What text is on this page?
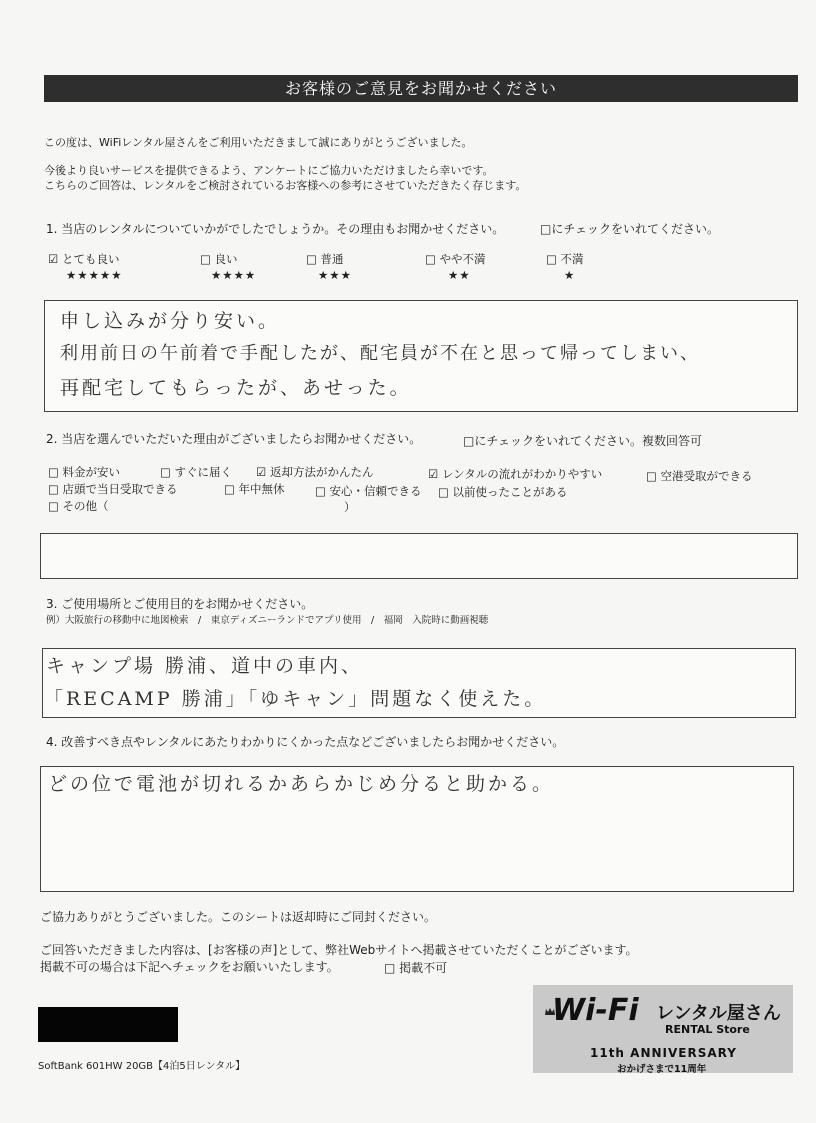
お客様のご意見をお聞かせください
この度は、WiFiレンタル屋さんをご利用いただきまして誠にありがとうございました。
今後より良いサービスを提供できるよう、アンケートにご協力いただけましたら幸いです。
こちらのご回答は、レンタルをご検討されているお客様への参考にさせていただきたく存じます。
1. 当店のレンタルについていかがでしたでしょうか。その理由もお聞かせください。	□にチェックをいれてください。
☑ とても良い
★★★★★
□ 良い
★★★★
□ 普通
★★★
□ やや不満
★★
□ 不満
★
申し込みが分り安い。
利用前日の午前着で手配したが、配宅員が不在と思って帰ってしまい、
再配宅してもらったが、あせった。
2. 当店を選んでいただいた理由がございましたらお聞かせください。	□にチェックをいれてください。複数回答可
□ 料金が安い	□ すぐに届く ☑ 返却方法がかんたん	☑ レンタルの流れがわかりやすい	□ 空港受取ができる
□ 店頭で当日受取できる	□ 年中無休	□ 安心・信頼できる □ 以前使ったことがある
□ その他（	）
3. ご使用場所とご使用目的をお聞かせください。
例）大阪旅行の移動中に地図検索　/　東京ディズニーランドでアプリ使用　/　福岡　入院時に動画視聴
キャンプ場 勝浦、道中の車内、
「RECAMP 勝浦」「ゆキャン」問題なく使えた。
4. 改善すべき点やレンタルにあたりわかりにくかった点などございましたらお聞かせください。
どの位で電池が切れるかあらかじめ分ると助かる。
ご協力ありがとうございました。このシートは返却時にご同封ください。
ご回答いただきました内容は、[お客様の声]として、弊社Webサイトへ掲載させていただくことがございます。
掲載不可の場合は下記へチェックをお願いいたします。	□ 掲載不可
Wi-Fi レンタル屋さん
RENTAL Store
11th ANNIVERSARY
おかげさまで11周年
SoftBank 601HW 20GB【4泊5日レンタル】
